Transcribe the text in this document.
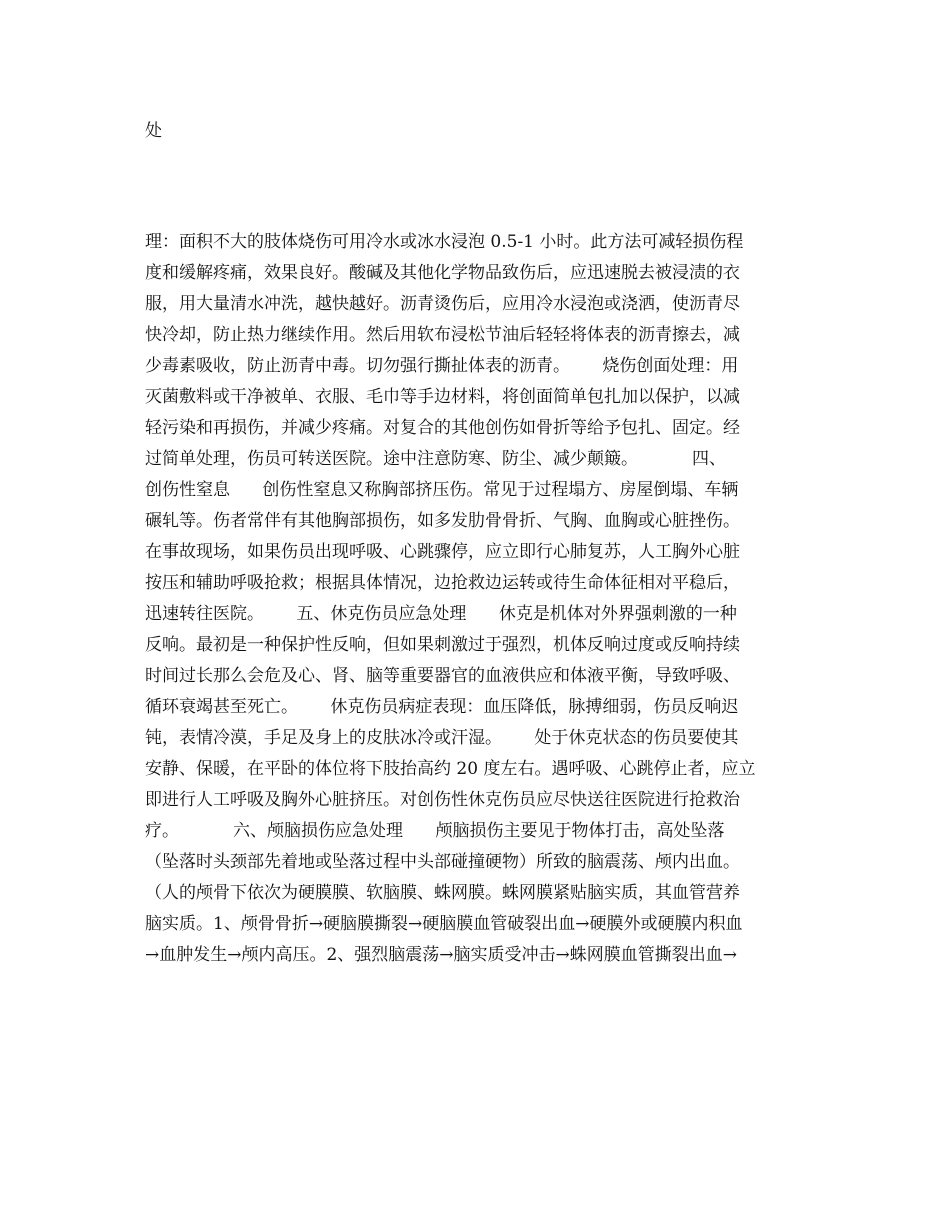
处
理：面积不大的肢体烧伤可用冷水或冰水浸泡 0.5-1 小时。此方法可减轻损伤程
度和缓解疼痛，效果良好。酸碱及其他化学物品致伤后，应迅速脱去被浸渍的衣
服，用大量清水冲洗，越快越好。沥青烫伤后，应用冷水浸泡或浇洒，使沥青尽
快冷却，防止热力继续作用。然后用软布浸松节油后轻轻将体表的沥青擦去，减
少毒素吸收，防止沥青中毒。切勿强行撕扯体表的沥青。      烧伤创面处理：用
灭菌敷料或干净被单、衣服、毛巾等手边材料，将创面简单包扎加以保护，以减
轻污染和再损伤，并减少疼痛。对复合的其他创伤如骨折等给予包扎、固定。经
过简单处理，伤员可转送医院。途中注意防寒、防尘、减少颠簸。          四、
创伤性窒息      创伤性窒息又称胸部挤压伤。常见于过程塌方、房屋倒塌、车辆
碾轧等。伤者常伴有其他胸部损伤，如多发肋骨骨折、气胸、血胸或心脏挫伤。
在事故现场，如果伤员出现呼吸、心跳骤停，应立即行心肺复苏，人工胸外心脏
按压和辅助呼吸抢救；根据具体情况，边抢救边运转或待生命体征相对平稳后，
迅速转往医院。      五、休克伤员应急处理      休克是机体对外界强刺激的一种
反响。最初是一种保护性反响，但如果刺激过于强烈，机体反响过度或反响持续
时间过长那么会危及心、肾、脑等重要器官的血液供应和体液平衡，导致呼吸、
循环衰竭甚至死亡。      休克伤员病症表现：血压降低，脉搏细弱，伤员反响迟
钝，表情冷漠，手足及身上的皮肤冰冷或汗湿。      处于休克状态的伤员要使其
安静、保暖，在平卧的体位将下肢抬高约 20 度左右。遇呼吸、心跳停止者，应立
即进行人工呼吸及胸外心脏挤压。对创伤性休克伤员应尽快送往医院进行抢救治
疗。          六、颅脑损伤应急处理      颅脑损伤主要见于物体打击，高处坠落
（坠落时头颈部先着地或坠落过程中头部碰撞硬物）所致的脑震荡、颅内出血。
（人的颅骨下依次为硬膜膜、软脑膜、蛛网膜。蛛网膜紧贴脑实质，其血管营养
脑实质。1、颅骨骨折→硬脑膜撕裂→硬脑膜血管破裂出血→硬膜外或硬膜内积血
→血肿发生→颅内高压。2、强烈脑震荡→脑实质受冲击→蛛网膜血管撕裂出血→
